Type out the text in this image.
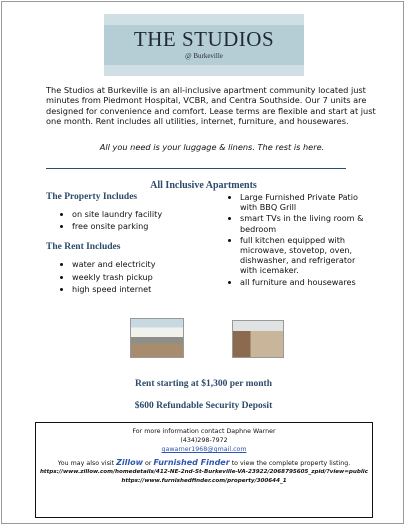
THE STUDIOS
@ Burkeville
The Studios at Burkeville is an all-inclusive apartment community located just minutes from Piedmont Hospital, VCBR, and Centra Southside. Our 7 units are designed for convenience and comfort. Lease terms are flexible and start at just one month. Rent includes all utilities, internet, furniture, and housewares.
All you need is your luggage & linens. The rest is here.
All Inclusive Apartments
The Property Includes
• on site laundry facility
• free onsite parking
The Rent Includes
• water and electricity
• weekly trash pickup
• high speed internet
• Large Furnished Private Patio with BBQ Grill
• smart TVs in the living room & bedroom
• full kitchen equipped with microwave, stovetop, oven, dishwasher, and refrigerator with icemaker.
• all furniture and housewares
Rent starting at $1,300 per month
$600 Refundable Security Deposit
For more information contact Daphne Warner
(434)298-7972
gawarner1968@gmail.com
You may also visit Zillow or Furnished Finder to view the complete property listing.
https://www.zillow.com/homedetails/412-NE-2nd-St-Burkeville-VA-23922/2068795605_zpid/?view=public
https://www.furnishedfinder.com/property/300644_1
